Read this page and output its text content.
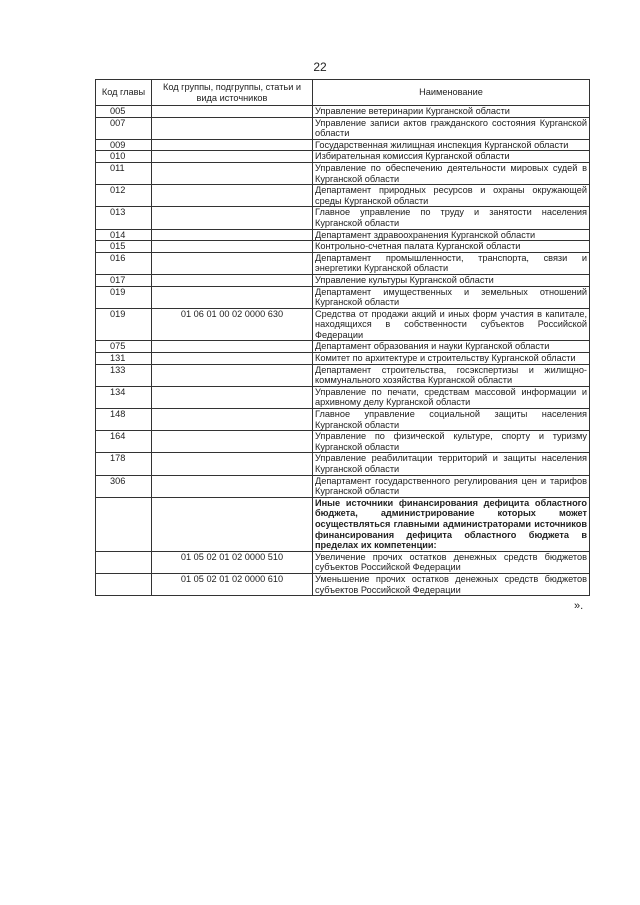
22
Код главы	Код группы, подгруппы, статьи и вида источников	Наименование
005		Управление ветеринарии Курганской области
007		Управление записи актов гражданского состояния Курганской области
009		Государственная жилищная инспекция Курганской области
010		Избирательная комиссия Курганской области
011		Управление по обеспечению деятельности мировых судей в Курганской области
012		Департамент природных ресурсов и охраны окружающей среды Курганской области
013		Главное управление по труду и занятости населения Курганской области
014		Департамент здравоохранения Курганской области
015		Контрольно-счетная палата Курганской области
016		Департамент промышленности, транспорта, связи и энергетики Курганской области
017		Управление культуры Курганской области
019		Департамент имущественных и земельных отношений Курганской области
019	01 06 01 00 02 0000 630	Средства от продажи акций и иных форм участия в капитале, находящихся в собственности субъектов Российской Федерации
075		Департамент образования и науки Курганской области
131		Комитет по архитектуре и строительству Курганской области
133		Департамент строительства, госэкспертизы и жилищно-коммунального хозяйства Курганской области
134		Управление по печати, средствам массовой информации и архивному делу Курганской области
148		Главное управление социальной защиты населения Курганской области
164		Управление по физической культуре, спорту и туризму Курганской области
178		Управление реабилитации территорий и защиты населения Курганской области
306		Департамент государственного регулирования цен и тарифов Курганской области
		Иные источники финансирования дефицита областного бюджета, администрирование которых может осуществляться главными администраторами источников финансирования дефицита областного бюджета в пределах их компетенции:
	01 05 02 01 02 0000 510	Увеличение прочих остатков денежных средств бюджетов субъектов Российской Федерации
	01 05 02 01 02 0000 610	Уменьшение прочих остатков денежных средств бюджетов субъектов Российской Федерации
».
